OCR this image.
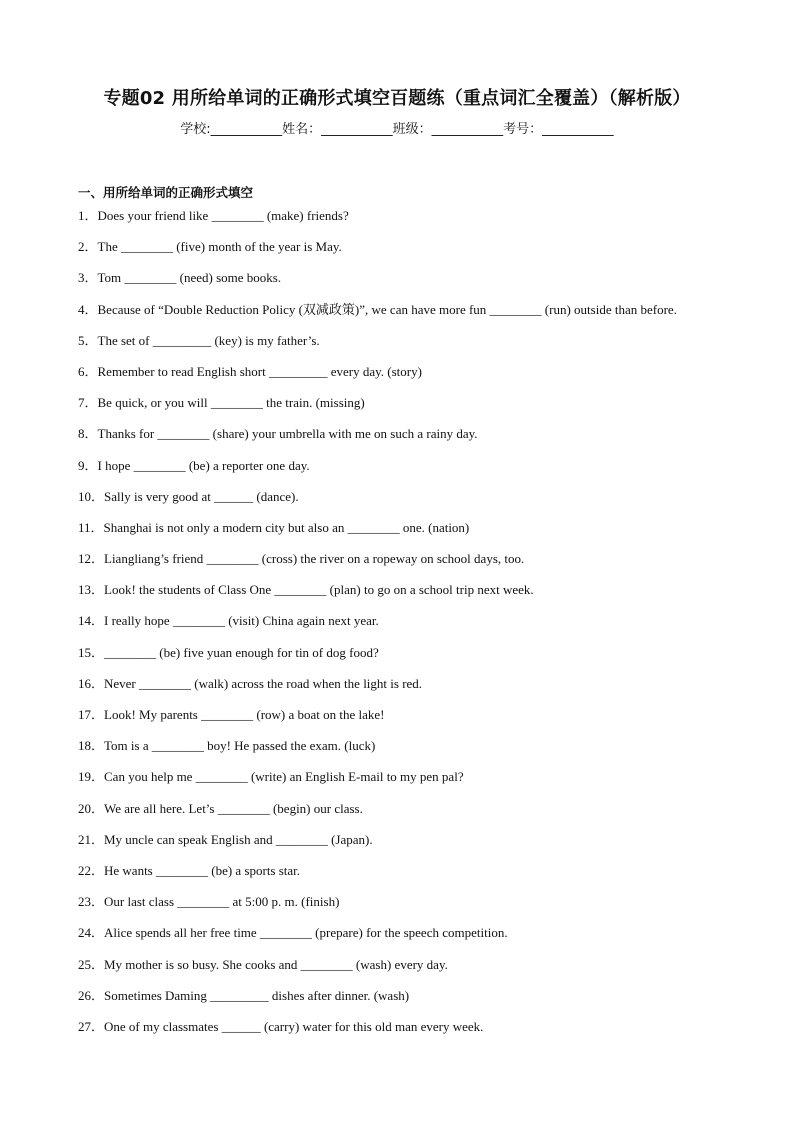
专题02 用所给单词的正确形式填空百题练（重点词汇全覆盖）（解析版）
学校:___________姓名：___________班级：___________考号：___________
一、用所给单词的正确形式填空
1．Does your friend like ________ (make) friends?
2．The ________ (five) month of the year is May.
3．Tom ________ (need) some books.
4．Because of “Double Reduction Policy (双减政策)”, we can have more fun ________ (run) outside than before.
5．The set of _________ (key) is my father’s.
6．Remember to read English short _________ every day. (story)
7．Be quick, or you will ________ the train. (missing)
8．Thanks for ________ (share) your umbrella with me on such a rainy day.
9．I hope ________ (be) a reporter one day.
10．Sally is very good at ______ (dance).
11．Shanghai is not only a modern city but also an ________ one. (nation)
12．Liangliang’s friend ________ (cross) the river on a ropeway on school days, too.
13．Look! the students of Class One ________ (plan) to go on a school trip next week.
14．I really hope ________ (visit) China again next year.
15．________ (be) five yuan enough for tin of dog food?
16．Never ________ (walk) across the road when the light is red.
17．Look! My parents ________ (row) a boat on the lake!
18．Tom is a ________ boy! He passed the exam. (luck)
19．Can you help me ________ (write) an English E-mail to my pen pal?
20．We are all here. Let’s ________ (begin) our class.
21．My uncle can speak English and ________ (Japan).
22．He wants ________ (be) a sports star.
23．Our last class ________ at 5:00 p. m. (finish)
24．Alice spends all her free time ________ (prepare) for the speech competition.
25．My mother is so busy. She cooks and ________ (wash) every day.
26．Sometimes Daming _________ dishes after dinner. (wash)
27．One of my classmates ______ (carry) water for this old man every week.
